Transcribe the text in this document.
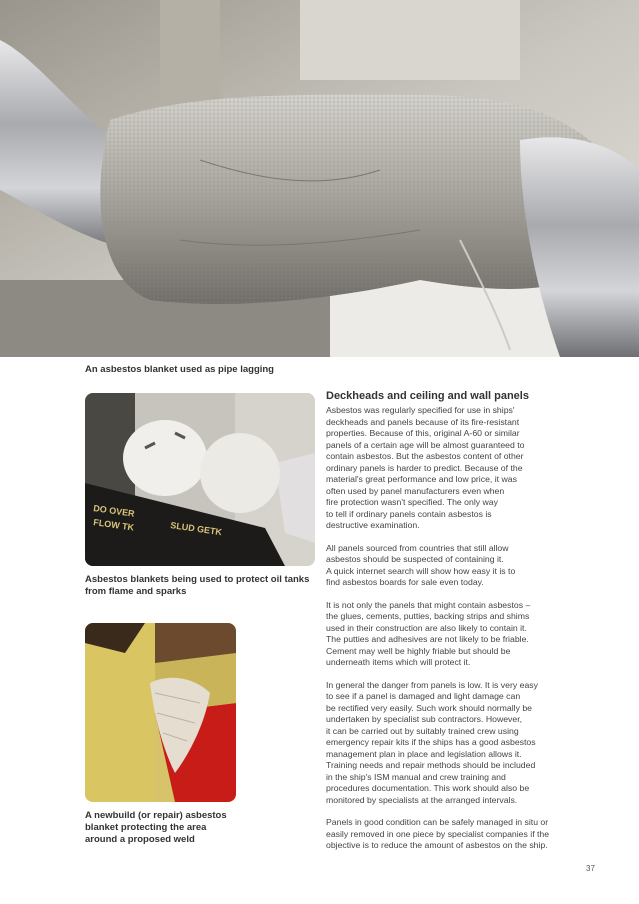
An asbestos blanket used as pipe lagging
DO OVER
FLOW TK	SLUD GETK
Asbestos blankets being used to protect oil tanks
from flame and sparks
A newbuild (or repair) asbestos
blanket protecting the area
around a proposed weld
Deckheads and ceiling and wall panels

Asbestos was regularly specified for use in ships'
deckheads and panels because of its fire-resistant
properties. Because of this, original A-60 or similar
panels of a certain age will be almost guaranteed to
contain asbestos. But the asbestos content of other
ordinary panels is harder to predict. Because of the
material's great performance and low price, it was
often used by panel manufacturers even when
fire protection wasn't specified. The only way
to tell if ordinary panels contain asbestos is
destructive examination.

All panels sourced from countries that still allow
asbestos should be suspected of containing it.
A quick internet search will show how easy it is to
find asbestos boards for sale even today.

It is not only the panels that might contain asbestos –
the glues, cements, putties, backing strips and shims
used in their construction are also likely to contain it.
The putties and adhesives are not likely to be friable.
Cement may well be highly friable but should be
underneath items which will protect it.

In general the danger from panels is low. It is very easy
to see if a panel is damaged and light damage can
be rectified very easily. Such work should normally be
undertaken by specialist sub contractors. However,
it can be carried out by suitably trained crew using
emergency repair kits if the ships has a good asbestos
management plan in place and legislation allows it.
Training needs and repair methods should be included
in the ship's ISM manual and crew training and
procedures documentation. This work should also be
monitored by specialists at the arranged intervals.

Panels in good condition can be safely managed in situ or
easily removed in one piece by specialist companies if the
objective is to reduce the amount of asbestos on the ship.

37
